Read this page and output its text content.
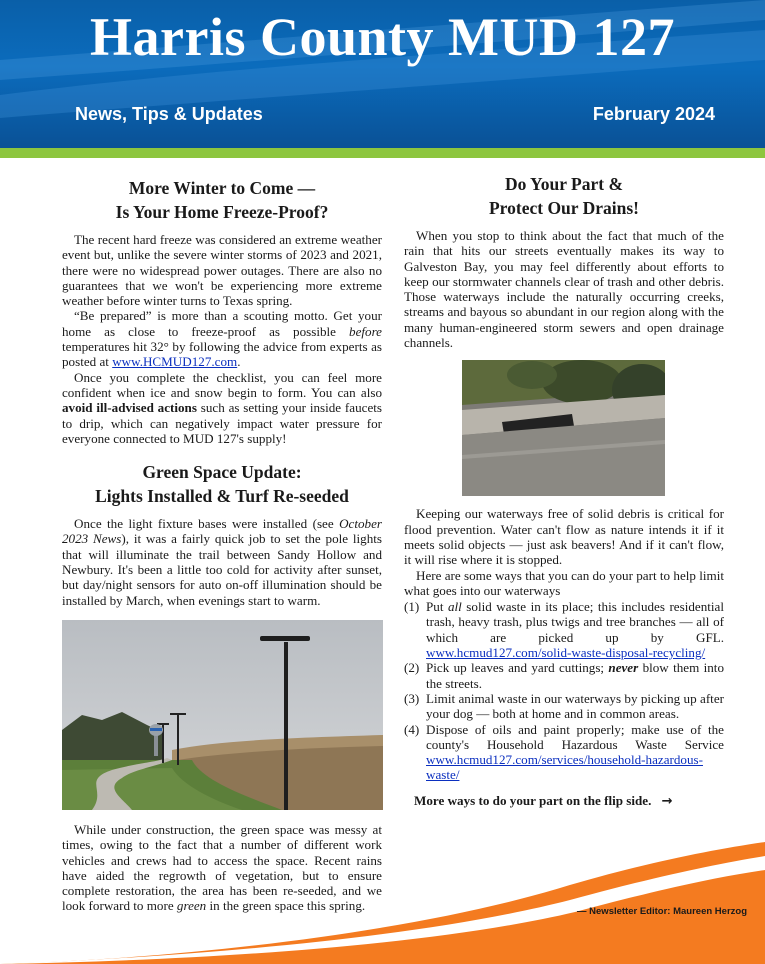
Harris County MUD 127
News, Tips & Updates	February 2024
More Winter to Come —
Is Your Home Freeze-Proof?

The recent hard freeze was considered an extreme weather event but, unlike the severe winter storms of 2023 and 2021, there were no widespread power outages. There are also no guarantees that we won't be experiencing more extreme weather before winter turns to Texas spring.

“Be prepared” is more than a scouting motto. Get your home as close to freeze-proof as possible before temperatures hit 32° by following the advice from experts as posted at www.HCMUD127.com.

Once you complete the checklist, you can feel more confident when ice and snow begin to form. You can also avoid ill-advised actions such as setting your inside faucets to drip, which can negatively impact water pressure for everyone connected to MUD 127's supply!

Green Space Update:
Lights Installed & Turf Re-seeded

Once the light fixture bases were installed (see October 2023 News), it was a fairly quick job to set the pole lights that will illuminate the trail between Sandy Hollow and Newbury. It's been a little too cold for activity after sunset, but day/night sensors for auto on-off illumination should be installed by March, when evenings start to warm.

While under construction, the green space was messy at times, owing to the fact that a number of different work vehicles and crews had to access the space. Recent rains have aided the regrowth of vegetation, but to ensure complete restoration, the area has been re-seeded, and we look forward to more green in the green space this spring.

Do Your Part &
Protect Our Drains!

When you stop to think about the fact that much of the rain that hits our streets eventually makes its way to Galveston Bay, you may feel differently about efforts to keep our stormwater channels clear of trash and other debris. Those waterways include the naturally occurring creeks, streams and bayous so abundant in our region along with the many human-engineered storm sewers and open drainage channels.

Keeping our waterways free of solid debris is critical for flood prevention. Water can't flow as nature intends it if it meets solid objects — just ask beavers! And if it can't flow, it will rise where it is stopped.

Here are some ways that you can do your part to help limit what goes into our waterways

(1) Put all solid waste in its place; this includes residential trash, heavy trash, plus twigs and tree branches — all of which are picked up by GFL. www.hcmud127.com/solid-waste-disposal-recycling/
(2) Pick up leaves and yard cuttings; never blow them into the streets.
(3) Limit animal waste in our waterways by picking up after your dog — both at home and in common areas.
(4) Dispose of oils and paint properly; make use of the county's Household Hazardous Waste Service www.hcmud127.com/services/household-hazardous-waste/
More ways to do your part on the flip side. →
— Newsletter Editor: Maureen Herzog
